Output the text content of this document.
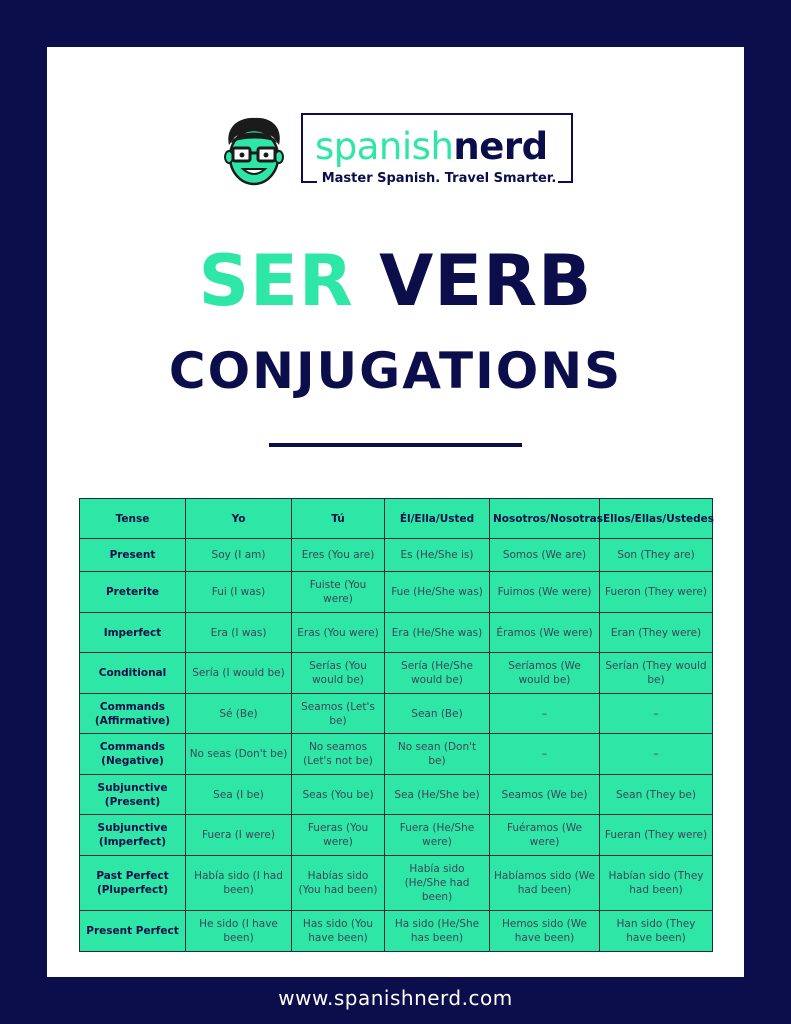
spanishnerd
Master Spanish. Travel Smarter.
SER VERB
CONJUGATIONS
Tense	Yo	Tú	Él/Ella/Usted	Nosotros/Nosotras	Ellos/Ellas/Ustedes
Present	Soy (I am)	Eres (You are)	Es (He/She is)	Somos (We are)	Son (They are)
Preterite	Fui (I was)	Fuiste (You were)	Fue (He/She was)	Fuimos (We were)	Fueron (They were)
Imperfect	Era (I was)	Eras (You were)	Era (He/She was)	Éramos (We were)	Eran (They were)
Conditional	Sería (I would be)	Serías (You would be)	Sería (He/She would be)	Seríamos (We would be)	Serían (They would be)
Commands (Affirmative)	Sé (Be)	Seamos (Let's be)	Sean (Be)	–	–
Commands (Negative)	No seas (Don't be)	No seamos (Let's not be)	No sean (Don't be)	–	–
Subjunctive (Present)	Sea (I be)	Seas (You be)	Sea (He/She be)	Seamos (We be)	Sean (They be)
Subjunctive (Imperfect)	Fuera (I were)	Fueras (You were)	Fuera (He/She were)	Fuéramos (We were)	Fueran (They were)
Past Perfect (Pluperfect)	Había sido (I had been)	Habías sido (You had been)	Había sido (He/She had been)	Habíamos sido (We had been)	Habían sido (They had been)
Present Perfect	He sido (I have been)	Has sido (You have been)	Ha sido (He/She has been)	Hemos sido (We have been)	Han sido (They have been)
www.spanishnerd.com
